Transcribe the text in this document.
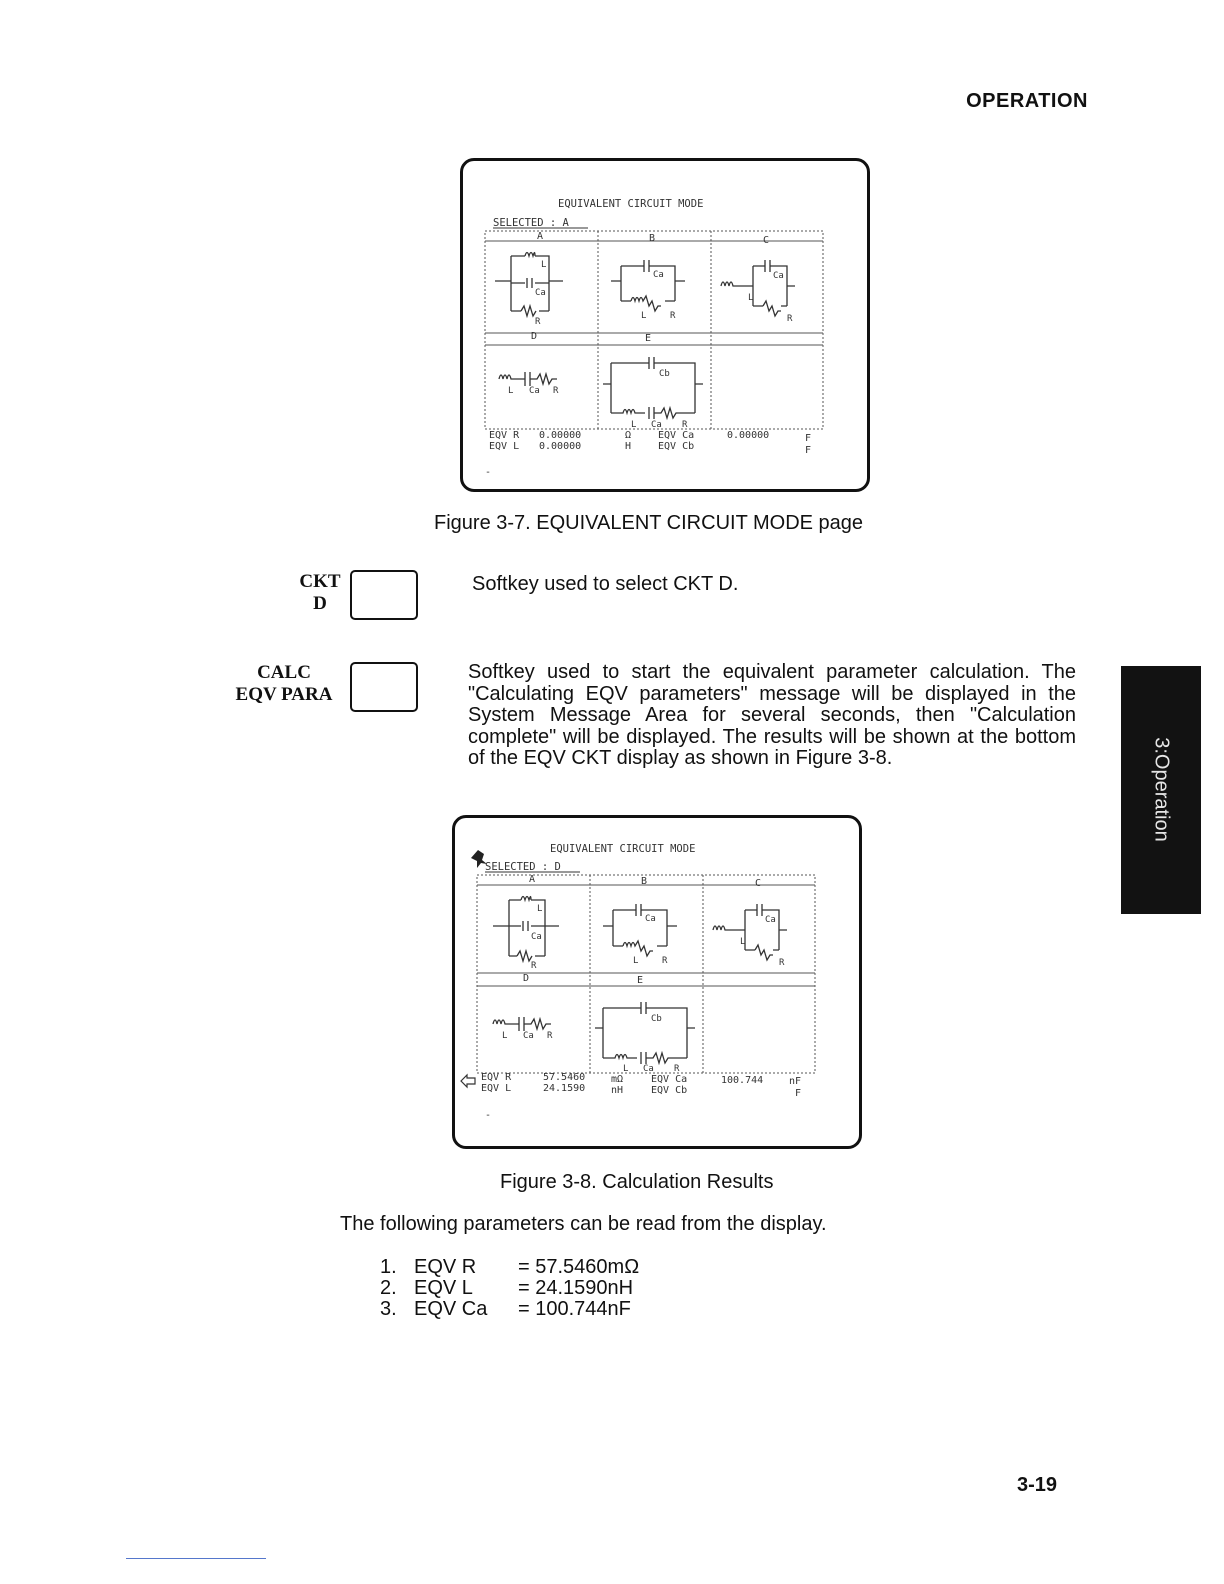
OPERATION
EQUIVALENT CIRCUIT MODE
SELECTED : A
A	B	C
D	E
L
Ca
R
Ca
L	R
Ca
L
R
L Ca R
Cb
L Ca R
EQV R 0.00000	Ω	EQV Ca	0.00000	F
EQV L 0.00000	H	EQV Cb	F
-
Figure 3-7. EQUIVALENT CIRCUIT MODE page
CKT
D
Softkey used to select CKT D.
CALC
EQV PARA
Softkey used to start the equivalent parameter calculation. The "Calculating EQV parameters" message will be displayed in the System Message Area for several seconds, then "Calculation complete" will be displayed. The results will be shown at the bottom of the EQV CKT display as shown in Figure 3-8.	3:Operation
EQUIVALENT CIRCUIT MODE
SELECTED : D
A	B	C
D	E
L
Ca
R
Ca
L	R
Ca
L
R
L Ca R
Cb
L Ca R
EQV R	57.5460	mΩ	EQV Ca	100.744	nF
EQV L	24.1590	nH	EQV Cb	F
-
Figure 3-8. Calculation Results
The following parameters can be read from the display.
1. EQV R = 57.5460mΩ
2. EQV L = 24.1590nH
3. EQV Ca = 100.744nF
3-19
